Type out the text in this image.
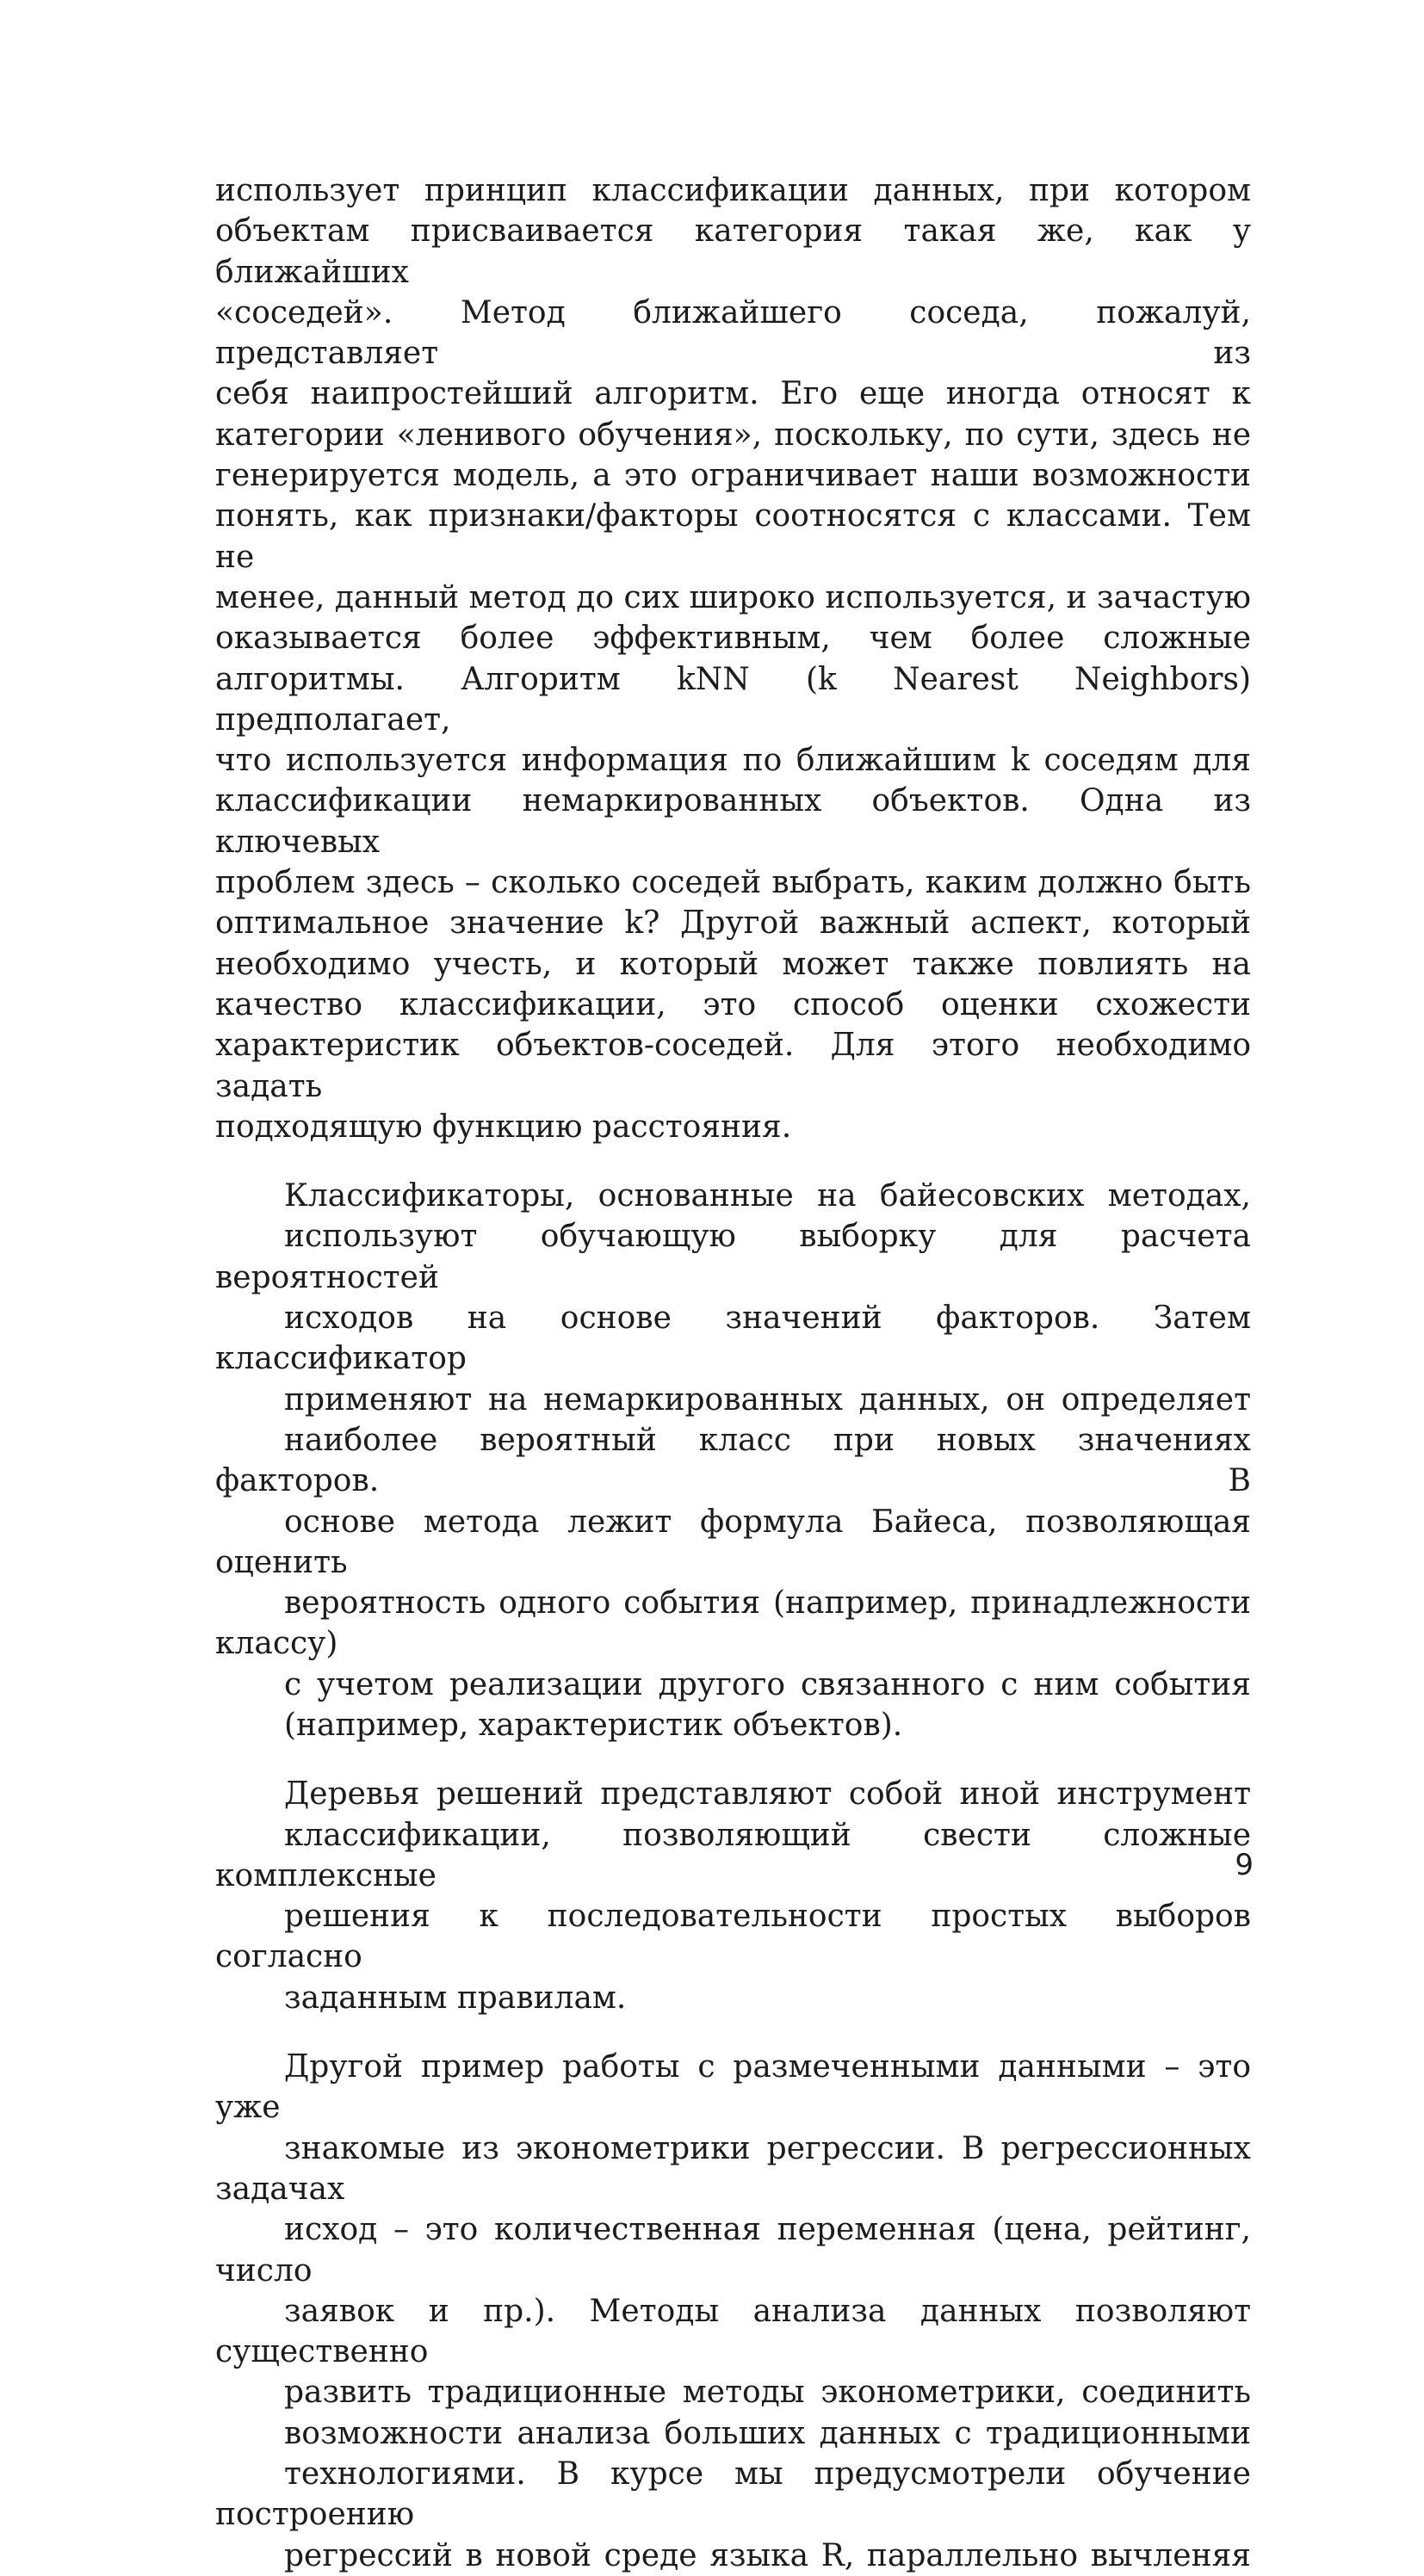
использует принцип классификации данных, при котором
объектам присваивается категория такая же, как у ближайших
«соседей». Метод ближайшего соседа, пожалуй, представляет из
себя наипростейший алгоритм. Его еще иногда относят к
категории «ленивого обучения», поскольку, по сути, здесь не
генерируется модель, а это ограничивает наши возможности
понять, как признаки/факторы соотносятся с классами. Тем не
менее, данный метод до сих широко используется, и зачастую
оказывается более эффективным, чем более сложные
алгоритмы. Алгоритм kNN (k Nearest Neighbors) предполагает,
что используется информация по ближайшим k соседям для
классификации немаркированных объектов. Одна из ключевых
проблем здесь – сколько соседей выбрать, каким должно быть
оптимальное значение k? Другой важный аспект, который
необходимо учесть, и который может также повлиять на
качество классификации, это способ оценки схожести
характеристик объектов-соседей. Для этого необходимо задать
подходящую функцию расстояния.

Классификаторы, основанные на байесовских методах,
используют обучающую выборку для расчета вероятностей
исходов на основе значений факторов. Затем классификатор
применяют на немаркированных данных, он определяет
наиболее вероятный класс при новых значениях факторов. В
основе метода лежит формула Байеса, позволяющая оценить
вероятность одного события (например, принадлежности классу)
с учетом реализации другого связанного с ним события
(например, характеристик объектов).

Деревья решений представляют собой иной инструмент
классификации, позволяющий свести сложные комплексные
решения к последовательности простых выборов согласно
заданным правилам.

Другой пример работы с размеченными данными – это уже
знакомые из эконометрики регрессии. В регрессионных задачах
исход – это количественная переменная (цена, рейтинг, число
заявок и пр.). Методы анализа данных позволяют существенно
развить традиционные методы эконометрики, соединить
возможности анализа больших данных с традиционными
технологиями. В курсе мы предусмотрели обучение построению
регрессий в новой среде языка R, параллельно вычленяя

9
